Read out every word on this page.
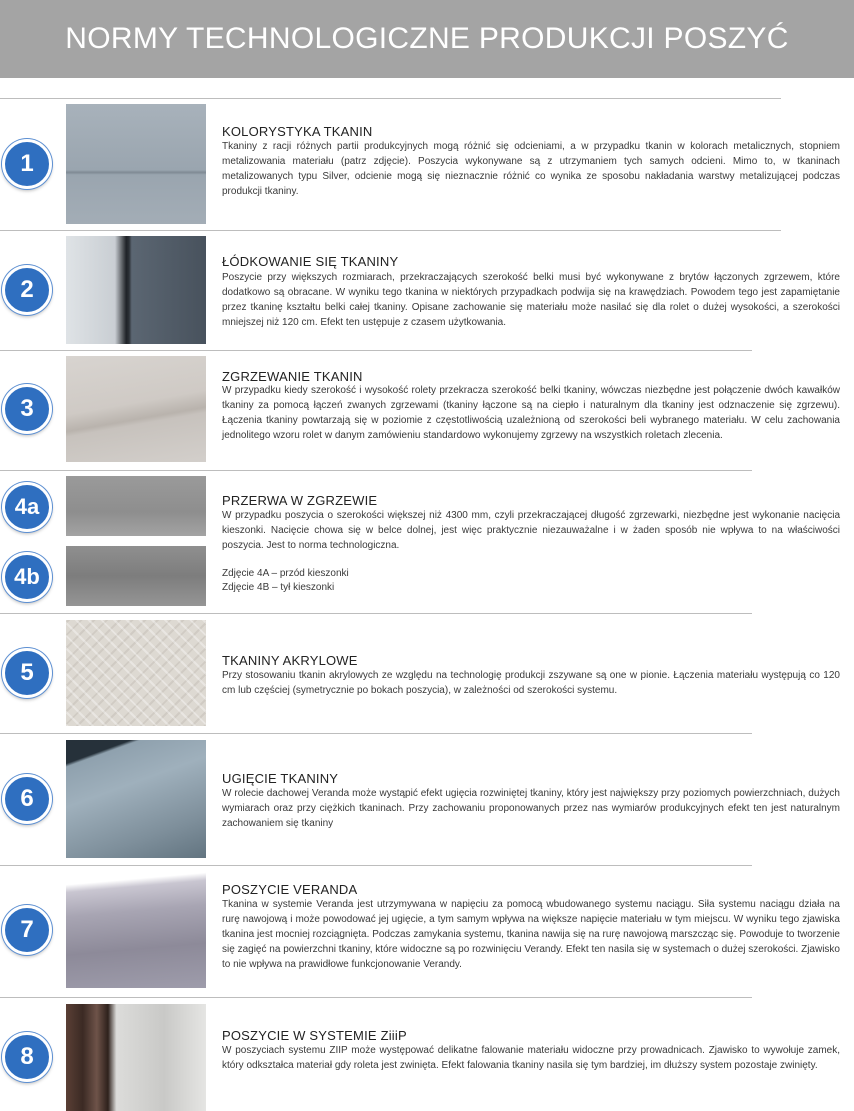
NORMY TECHNOLOGICZNE PRODUKCJI POSZYĆ
1
KOLORYSTYKA TKANIN
Tkaniny z racji różnych partii produkcyjnych mogą różnić się odcieniami, a w przypadku tkanin w kolorach metalicznych, stopniem metalizowania materiału (patrz zdjęcie). Poszycia wykonywane są z utrzymaniem tych samych odcieni. Mimo to, w tkaninach metalizowanych typu Silver, odcienie mogą się nieznacznie różnić co wynika ze sposobu nakładania warstwy metalizującej podczas produkcji tkaniny.
2
ŁÓDKOWANIE SIĘ TKANINY
Poszycie przy większych rozmiarach, przekraczających szerokość belki musi być wykonywane z brytów łączonych zgrzewem, które dodatkowo są obracane. W wyniku tego tkanina w niektórych przypadkach podwija się na krawędziach. Powodem tego jest zapamiętanie przez tkaninę kształtu belki całej tkaniny. Opisane zachowanie się materiału może nasilać się dla rolet o dużej wysokości, a szerokości mniejszej niż 120 cm. Efekt ten ustępuje z czasem użytkowania.
3
ZGRZEWANIE TKANIN
W przypadku kiedy szerokość i wysokość rolety przekracza szerokość belki tkaniny, wówczas niezbędne jest połączenie dwóch kawałków tkaniny za pomocą łączeń zwanych zgrzewami (tkaniny łączone są na ciepło i naturalnym dla tkaniny jest odznaczenie się zgrzewu). Łączenia tkaniny powtarzają się w poziomie z częstotliwością uzależnioną od szerokości beli wybranego materiału. W celu zachowania jednolitego wzoru rolet w danym zamówieniu standardowo wykonujemy zgrzewy na wszystkich roletach zlecenia.
4a
4b
PRZERWA W ZGRZEWIE
W przypadku poszycia o szerokości większej niż 4300 mm, czyli przekraczającej długość zgrzewarki, niezbędne jest wykonanie nacięcia kieszonki. Nacięcie chowa się w belce dolnej, jest więc praktycznie niezauważalne i w żaden sposób nie wpływa to na właściwości poszycia. Jest to norma technologiczna.
Zdjęcie 4A – przód kieszonki
Zdjęcie 4B – tył kieszonki
5	TKANINY AKRYLOWE
Przy stosowaniu tkanin akrylowych ze względu na technologię produkcji zszywane są one w pionie. Łączenia materiału występują co 120 cm lub częściej (symetrycznie po bokach poszycia), w zależności od szerokości systemu.
6
UGIĘCIE TKANINY
W rolecie dachowej Veranda może wystąpić efekt ugięcia rozwiniętej tkaniny, który jest największy przy poziomych powierzchniach, dużych wymiarach oraz przy ciężkich tkaninach. Przy zachowaniu proponowanych przez nas wymiarów produkcyjnych efekt ten jest naturalnym zachowaniem się tkaniny
7
POSZYCIE VERANDA
Tkanina w systemie Veranda jest utrzymywana w napięciu za pomocą wbudowanego systemu naciągu. Siła systemu naciągu działa na rurę nawojową i może powodować jej ugięcie, a tym samym wpływa na większe napięcie materiału w tym miejscu. W wyniku tego zjawiska tkanina jest mocniej rozciągnięta. Podczas zamykania systemu, tkanina nawija się na rurę nawojową marszcząc się. Powoduje to tworzenie się zagięć na powierzchni tkaniny, które widoczne są po rozwinięciu Verandy. Efekt ten nasila się w systemach o dużej szerokości. Zjawisko to nie wpływa na prawidłowe funkcjonowanie Verandy.
8
POSZYCIE W SYSTEMIE ZiiiP
W poszyciach systemu ZIIP może występować delikatne falowanie materiału widoczne przy prowadnicach. Zjawisko to wywołuje zamek, który odkształca materiał gdy roleta jest zwinięta. Efekt falowania tkaniny nasila się tym bardziej, im dłuższy system pozostaje zwinięty.
